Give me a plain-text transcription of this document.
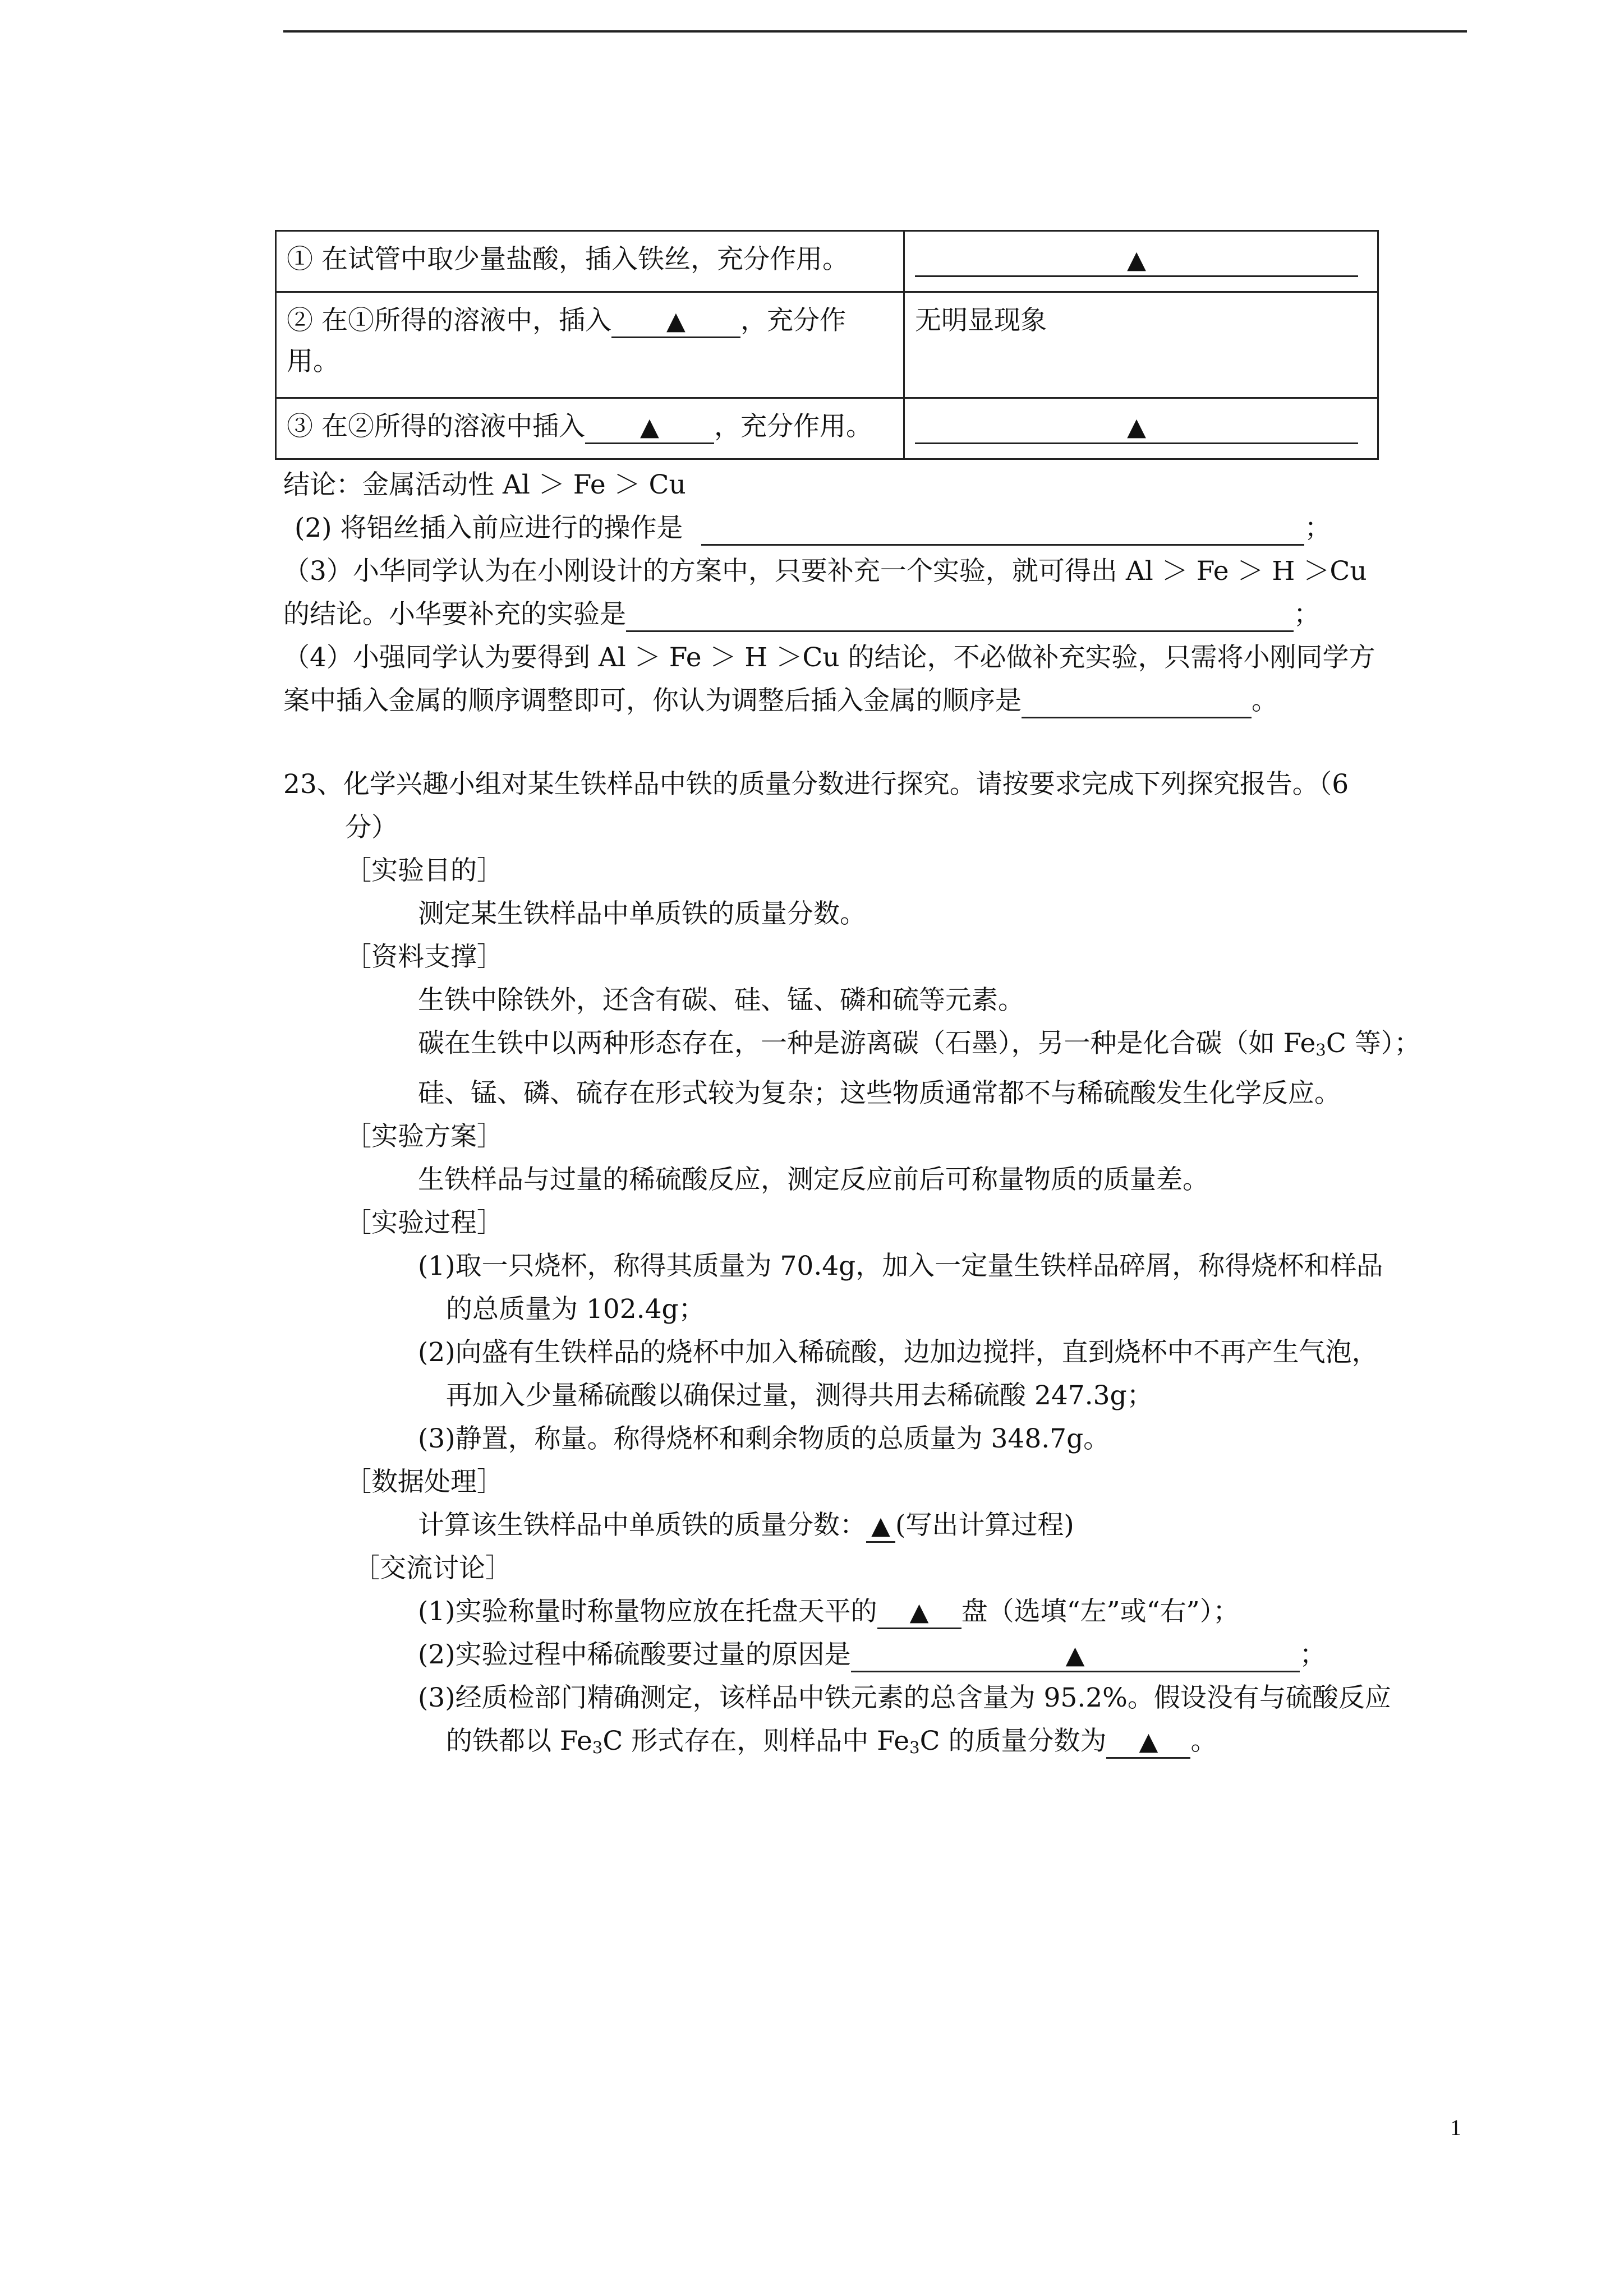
① 在试管中取少量盐酸，插入铁丝，充分作用。	▲
② 在①所得的溶液中，插入 ▲ ，充分作用。	无明显现象
③ 在②所得的溶液中插入 ▲ ，充分作用。	▲
结论：金属活动性 Al ＞ Fe ＞ Cu
(2) 将铝丝插入前应进行的操作是	；
（3）小华同学认为在小刚设计的方案中，只要补充一个实验，就可得出 Al ＞ Fe ＞ H ＞Cu
的结论。小华要补充的实验是	；
（4）小强同学认为要得到 Al ＞ Fe ＞ H ＞Cu 的结论，不必做补充实验，只需将小刚同学方
案中插入金属的顺序调整即可，你认为调整后插入金属的顺序是	。
23、化学兴趣小组对某生铁样品中铁的质量分数进行探究。请按要求完成下列探究报告。（6
分）
［实验目的］
测定某生铁样品中单质铁的质量分数。
［资料支撑］
生铁中除铁外，还含有碳、硅、锰、磷和硫等元素。
碳在生铁中以两种形态存在，一种是游离碳（石墨），另一种是化合碳（如 $Fe_3C$ 等）；
硅、锰、磷、硫存在形式较为复杂；这些物质通常都不与稀硫酸发生化学反应。
［实验方案］
生铁样品与过量的稀硫酸反应，测定反应前后可称量物质的质量差。
［实验过程］
(1)取一只烧杯，称得其质量为 70.4g，加入一定量生铁样品碎屑，称得烧杯和样品
的总质量为 102.4g；
(2)向盛有生铁样品的烧杯中加入稀硫酸，边加边搅拌，直到烧杯中不再产生气泡，
再加入少量稀硫酸以确保过量，测得共用去稀硫酸 247.3g；
(3)静置，称量。称得烧杯和剩余物质的总质量为 348.7g。
［数据处理］
计算该生铁样品中单质铁的质量分数： ▲ (写出计算过程)
［交流讨论］
(1)实验称量时称量物应放在托盘天平的 ▲ 盘（选填“左”或“右”）；
(2)实验过程中稀硫酸要过量的原因是	▲	；
(3)经质检部门精确测定，该样品中铁元素的总含量为 95.2%。假设没有与硫酸反应
的铁都以 $Fe_3C$ 形式存在，则样品中 $Fe_3C$ 的质量分数为 ▲ 。
1
